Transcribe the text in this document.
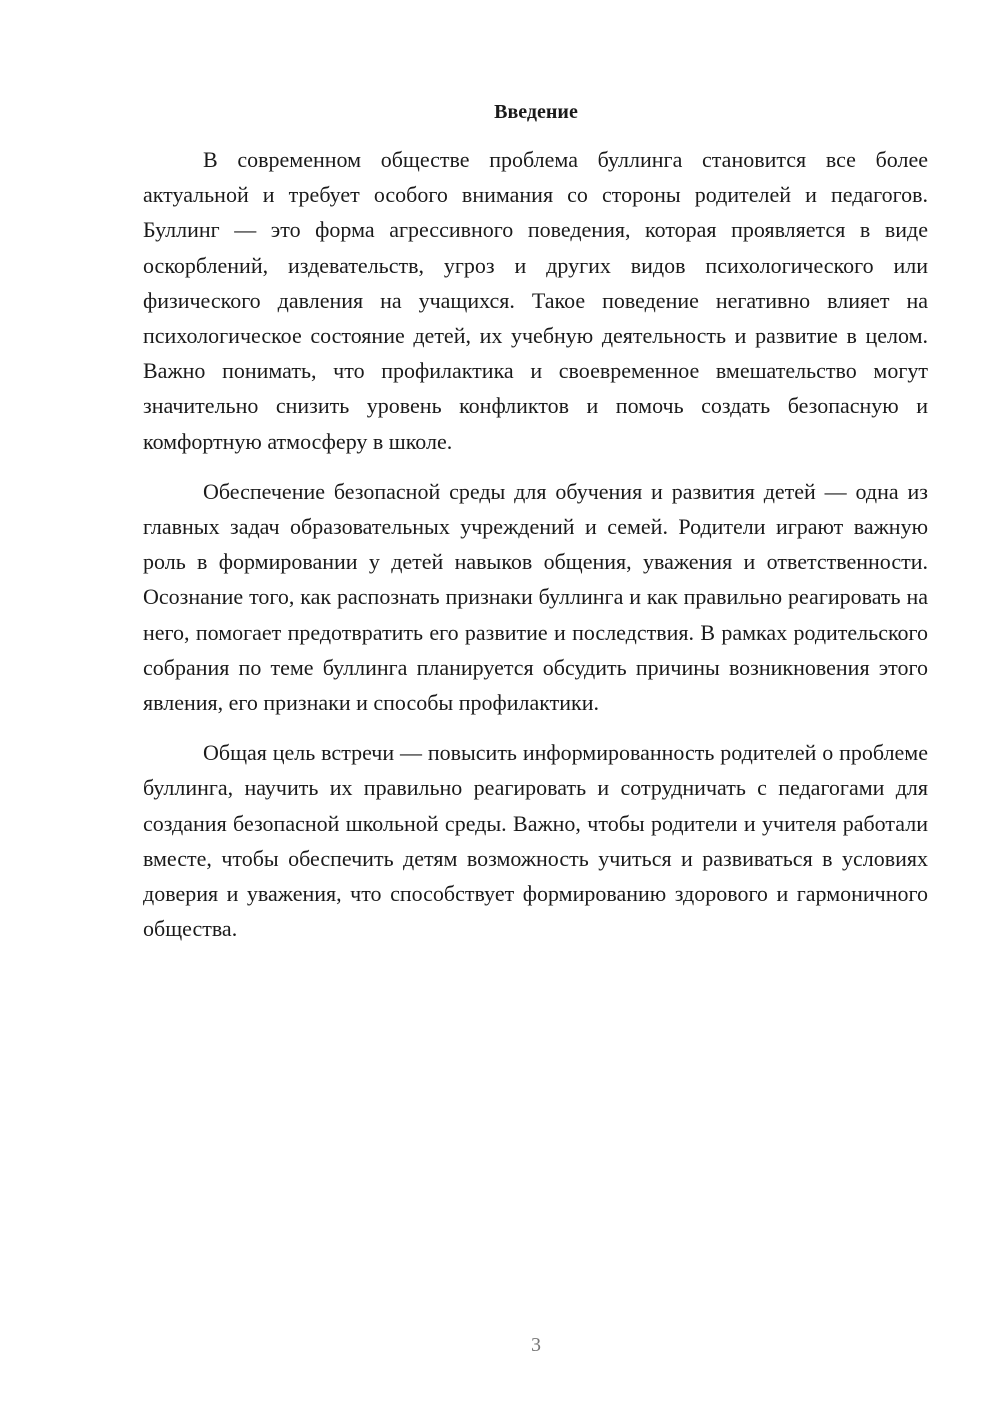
Введение

В современном обществе проблема буллинга становится все более актуальной и требует особого внимания со стороны родителей и педагогов. Буллинг — это форма агрессивного поведения, которая проявляется в виде оскорблений, издевательств, угроз и других видов психологического или физического давления на учащихся. Такое поведение негативно влияет на психологическое состояние детей, их учебную деятельность и развитие в целом. Важно понимать, что профилактика и своевременное вмешательство могут значительно снизить уровень конфликтов и помочь создать безопасную и комфортную атмосферу в школе.

Обеспечение безопасной среды для обучения и развития детей — одна из главных задач образовательных учреждений и семей. Родители играют важную роль в формировании у детей навыков общения, уважения и ответственности. Осознание того, как распознать признаки буллинга и как правильно реагировать на него, помогает предотвратить его развитие и последствия. В рамках родительского собрания по теме буллинга планируется обсудить причины возникновения этого явления, его признаки и способы профилактики.

Общая цель встречи — повысить информированность родителей о проблеме буллинга, научить их правильно реагировать и сотрудничать с педагогами для создания безопасной школьной среды. Важно, чтобы родители и учителя работали вместе, чтобы обеспечить детям возможность учиться и развиваться в условиях доверия и уважения, что способствует формированию здорового и гармоничного общества.

3
